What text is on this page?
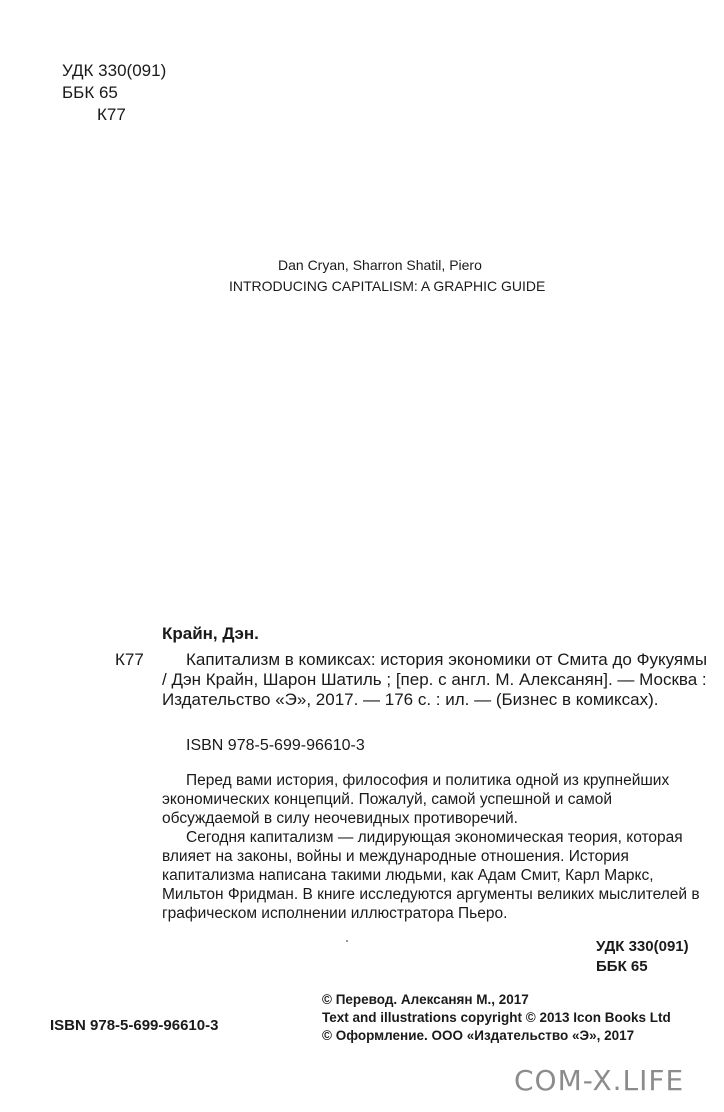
УДК 330(091)
ББК 65
К77
Dan Cryan, Sharron Shatil, Piero
INTRODUCING CAPITALISM: A GRAPHIC GUIDE
Крайн, Дэн.
К77	Капитализм в комиксах: история экономики от Смита до Фукуямы / Дэн Крайн, Шарон Шатиль ; [пер. с англ. М. Алексанян]. — Москва : Издательство «Э», 2017. — 176 с. : ил. — (Бизнес в комиксах).

ISBN 978-5-699-96610-3

Перед вами история, философия и политика одной из крупнейших экономических концепций. Пожалуй, самой успешной и самой обсуждаемой в силу неочевидных противоречий.

Сегодня капитализм — лидирующая экономическая теория, которая влияет на законы, войны и международные отношения. История капитализма написана такими людьми, как Адам Смит, Карл Маркс, Мильтон Фридман. В книге исследуются аргументы великих мыслителей в графическом исполнении иллюстратора Пьеро.

УДК 330(091)
ББК 65
© Перевод. Алексанян М., 2017
Text and illustrations copyright © 2013 Icon Books Ltd
© Оформление. ООО «Издательство «Э», 2017
ISBN 978-5-699-96610-3
COM-X.LIFE
